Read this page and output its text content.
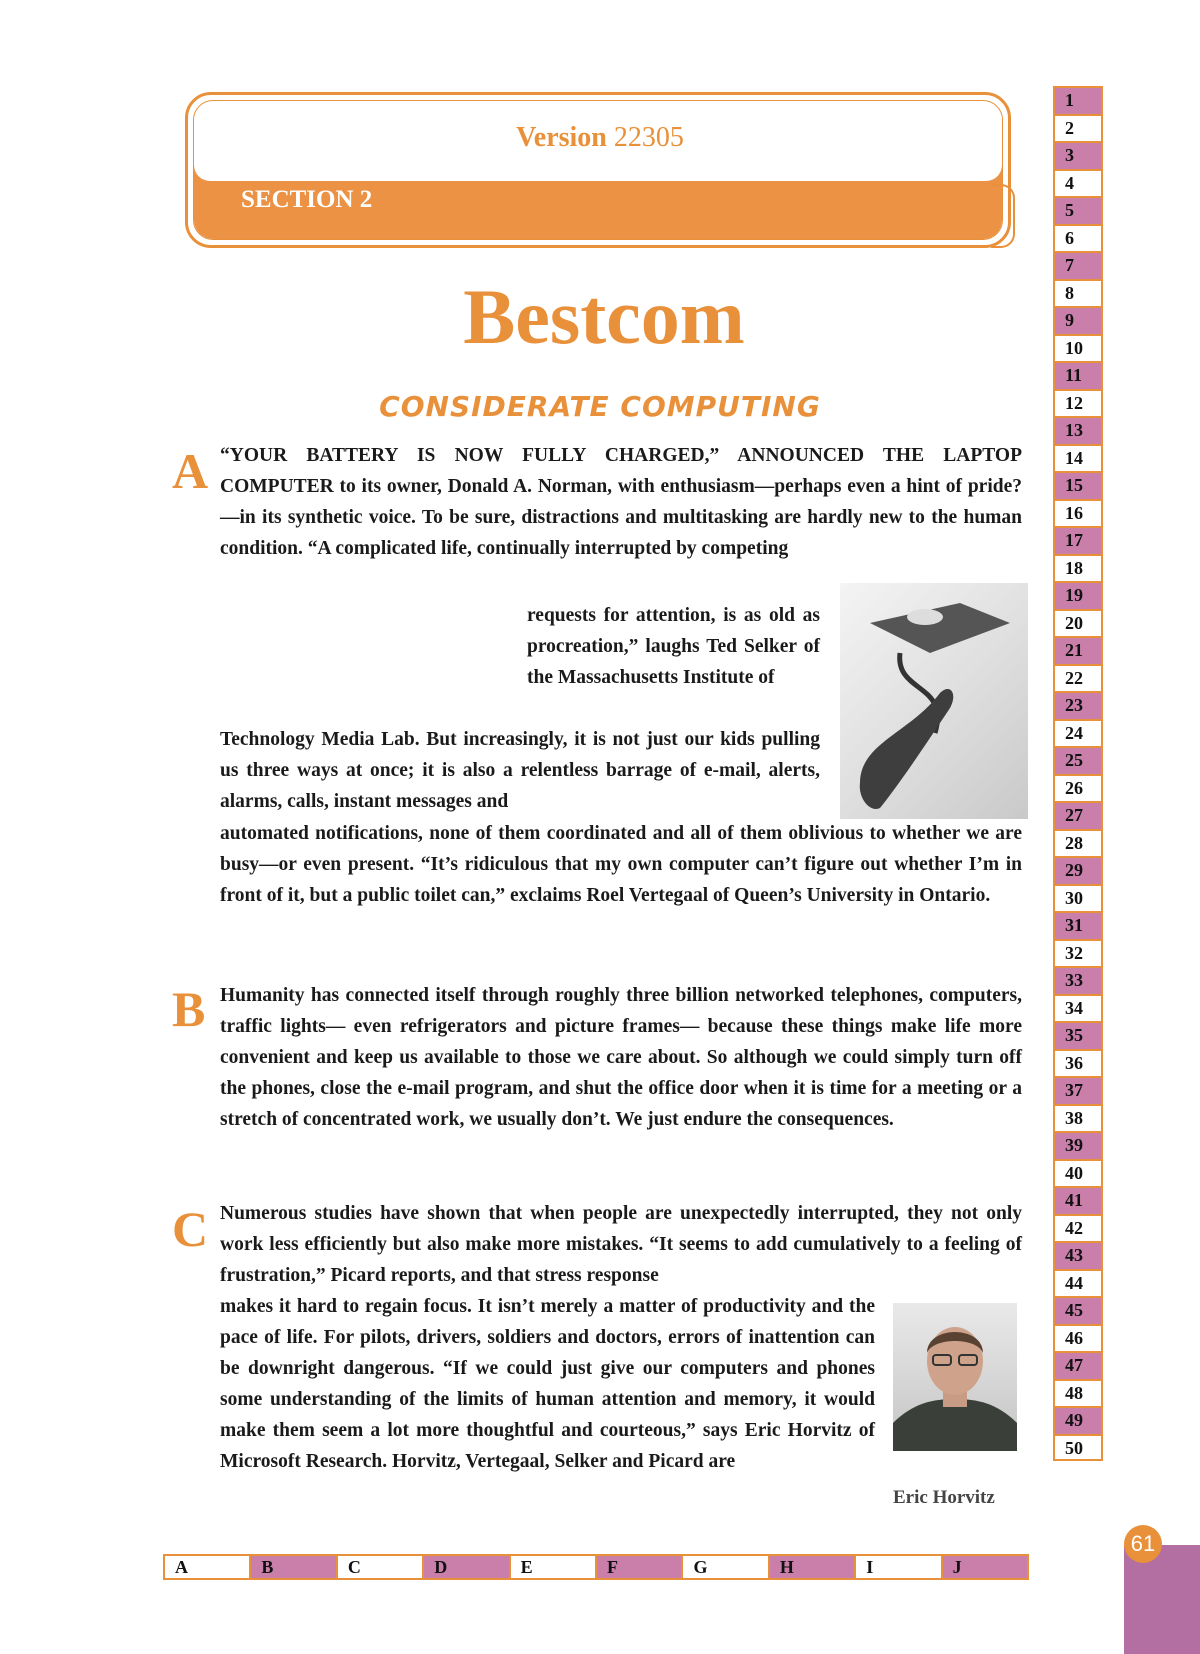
Version 22305
SECTION 2
Bestcom
CONSIDERATE COMPUTING
A “YOUR BATTERY IS NOW FULLY CHARGED,” ANNOUNCED THE LAPTOP COMPUTER to its owner, Donald A. Norman, with enthusiasm—perhaps even a hint of pride?—in its synthetic voice. To be sure, distractions and multitasking are hardly new to the human condition. “A complicated life, continually interrupted by competing

requests for attention, is as old as procreation,” laughs Ted Selker of the Massachusetts Institute of

Technology Media Lab. But increasingly, it is not just our kids pulling us three ways at once; it is also a relentless barrage of e-mail, alerts, alarms, calls, instant messages and

automated notifications, none of them coordinated and all of them oblivious to whether we are busy—or even present. “It’s ridiculous that my own computer can’t figure out whether I’m in front of it, but a public toilet can,” exclaims Roel Vertegaal of Queen’s University in Ontario.

B Humanity has connected itself through roughly three billion networked telephones, computers, traffic lights— even refrigerators and picture frames— because these things make life more convenient and keep us available to those we care about. So although we could simply turn off the phones, close the e-mail program, and shut the office door when it is time for a meeting or a stretch of concentrated work, we usually don’t. We just endure the consequences.

C Numerous studies have shown that when people are unexpectedly interrupted, they not only work less efficiently but also make more mistakes. “It seems to add cumulatively to a feeling of frustration,” Picard reports, and that stress response

makes it hard to regain focus. It isn’t merely a matter of productivity and the pace of life. For pilots, drivers, soldiers and doctors, errors of inattention can be downright dangerous. “If we could just give our computers and phones some understanding of the limits of human attention and memory, it would make them seem a lot more thoughtful and courteous,” says Eric Horvitz of Microsoft Research. Horvitz, Vertegaal, Selker and Picard are

Eric Horvitz
1
2
3
4
5
6
7
8
9
10
11
12
13
14
15
16
17
18
19
20
21
22
23
24
25
26
27
28
29
30
31
32
33
34
35
36
37
38
39
40
41
42
43
44
45
46
47
48
49
50
A	B	C	D	E	F	G	H	I	J
61
